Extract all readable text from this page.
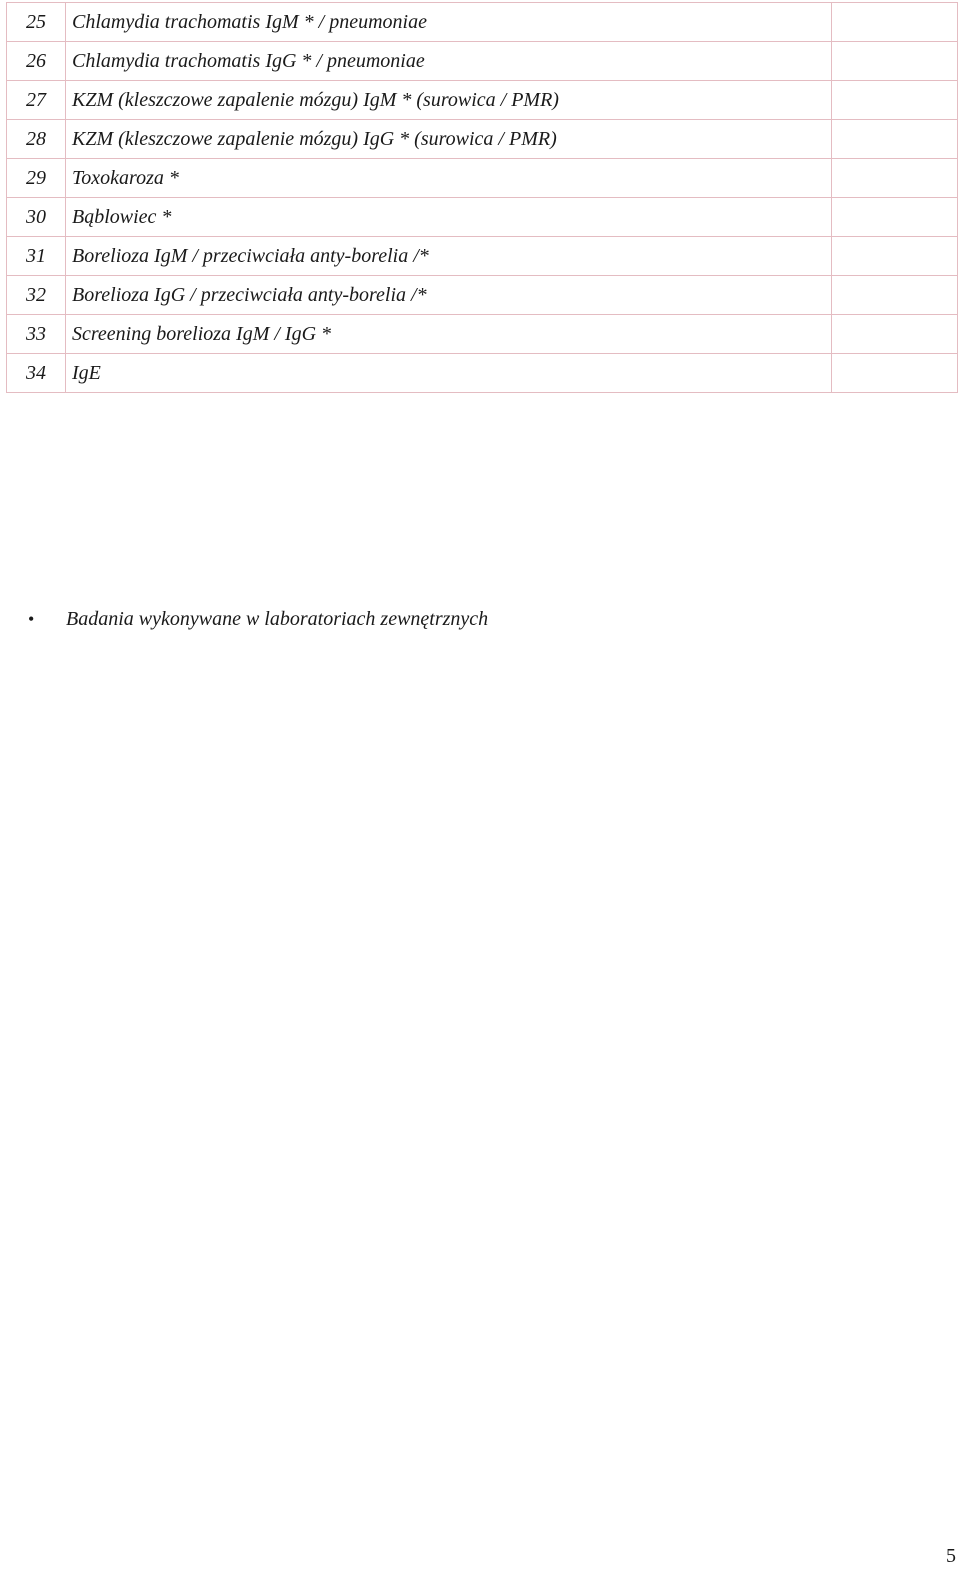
25	Chlamydia trachomatis IgM * / pneumoniae	
26	Chlamydia trachomatis IgG * / pneumoniae	
27	KZM (kleszczowe zapalenie mózgu) IgM * (surowica / PMR)	
28	KZM (kleszczowe zapalenie mózgu) IgG * (surowica / PMR)	
29	Toxokaroza *	
30	Bąblowiec *	
31	Borelioza IgM / przeciwciała anty-borelia /*	
32	Borelioza IgG / przeciwciała anty-borelia /*	
33	Screening borelioza IgM / IgG *	
34	IgE	
• Badania wykonywane w laboratoriach zewnętrznych
5
